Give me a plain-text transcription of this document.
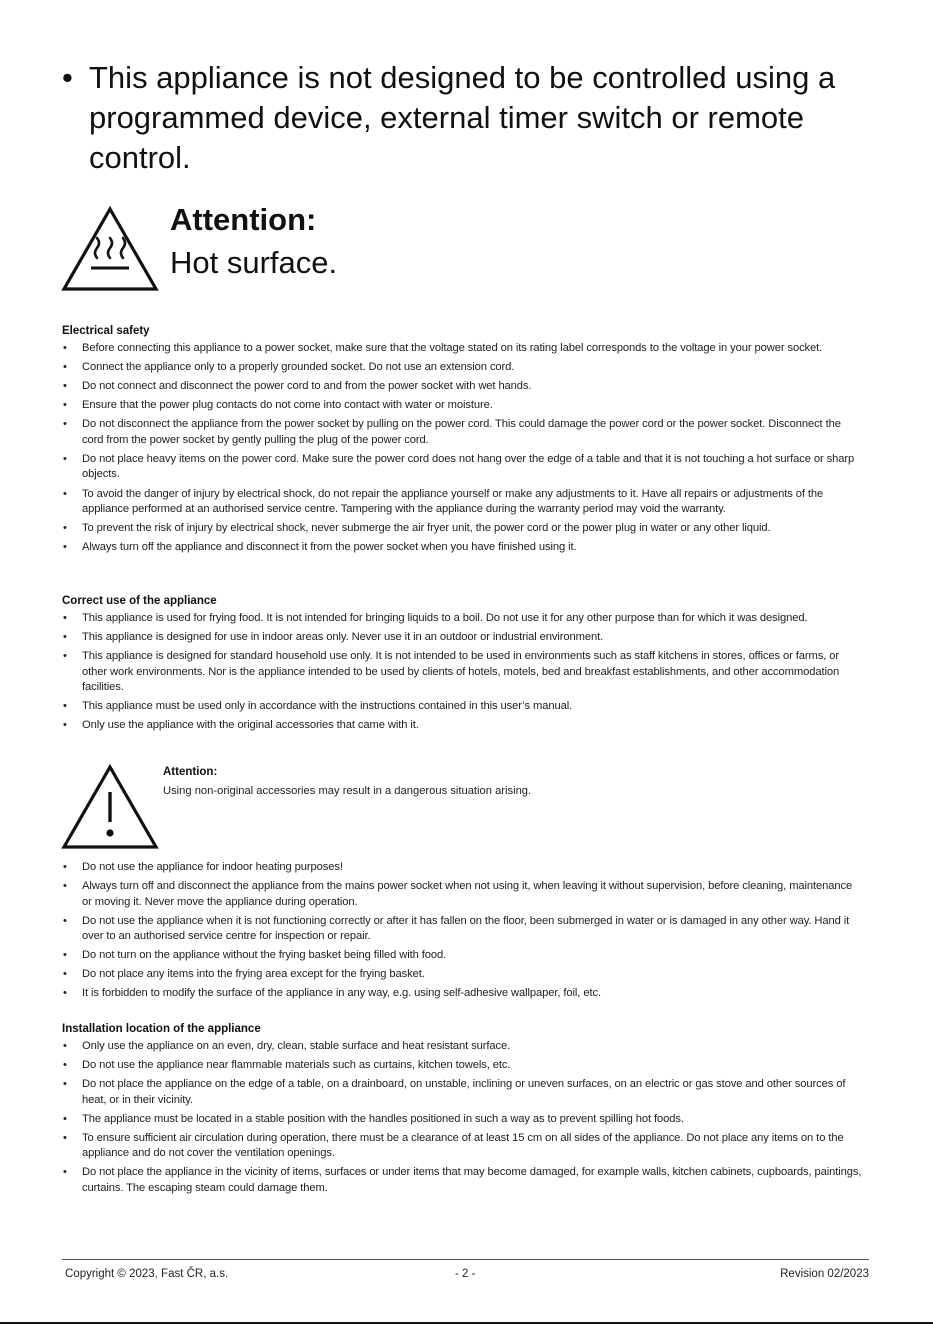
• This appliance is not designed to be controlled using a programmed device, external timer switch or remote control.
Attention:
Hot surface.
Electrical safety
• Before connecting this appliance to a power socket, make sure that the voltage stated on its rating label corresponds to the voltage in your power socket.
• Connect the appliance only to a properly grounded socket. Do not use an extension cord.
• Do not connect and disconnect the power cord to and from the power socket with wet hands.
• Ensure that the power plug contacts do not come into contact with water or moisture.
• Do not disconnect the appliance from the power socket by pulling on the power cord. This could damage the power cord or the power socket. Disconnect the cord from the power socket by gently pulling the plug of the power cord.
• Do not place heavy items on the power cord. Make sure the power cord does not hang over the edge of a table and that it is not touching a hot surface or sharp objects.
• To avoid the danger of injury by electrical shock, do not repair the appliance yourself or make any adjustments to it. Have all repairs or adjustments of the appliance performed at an authorised service centre. Tampering with the appliance during the warranty period may void the warranty.
• To prevent the risk of injury by electrical shock, never submerge the air fryer unit, the power cord or the power plug in water or any other liquid.
• Always turn off the appliance and disconnect it from the power socket when you have finished using it.
Correct use of the appliance
• This appliance is used for frying food. It is not intended for bringing liquids to a boil. Do not use it for any other purpose than for which it was designed.
• This appliance is designed for use in indoor areas only. Never use it in an outdoor or industrial environment.
• This appliance is designed for standard household use only. It is not intended to be used in environments such as staff kitchens in stores, offices or farms, or other work environments. Nor is the appliance intended to be used by clients of hotels, motels, bed and breakfast establishments, and other accommodation facilities.
• This appliance must be used only in accordance with the instructions contained in this user’s manual.
• Only use the appliance with the original accessories that came with it.
Attention:
Using non-original accessories may result in a dangerous situation arising.
• Do not use the appliance for indoor heating purposes!
• Always turn off and disconnect the appliance from the mains power socket when not using it, when leaving it without supervision, before cleaning, maintenance or moving it. Never move the appliance during operation.
• Do not use the appliance when it is not functioning correctly or after it has fallen on the floor, been submerged in water or is damaged in any other way. Hand it over to an authorised service centre for inspection or repair.
• Do not turn on the appliance without the frying basket being filled with food.
• Do not place any items into the frying area except for the frying basket.
• It is forbidden to modify the surface of the appliance in any way, e.g. using self-adhesive wallpaper, foil, etc.
Installation location of the appliance
• Only use the appliance on an even, dry, clean, stable surface and heat resistant surface.
• Do not use the appliance near flammable materials such as curtains, kitchen towels, etc.
• Do not place the appliance on the edge of a table, on a drainboard, on unstable, inclining or uneven surfaces, on an electric or gas stove and other sources of heat, or in their vicinity.
• The appliance must be located in a stable position with the handles positioned in such a way as to prevent spilling hot foods.
• To ensure sufficient air circulation during operation, there must be a clearance of at least 15 cm on all sides of the appliance. Do not place any items on to the appliance and do not cover the ventilation openings.
• Do not place the appliance in the vicinity of items, surfaces or under items that may become damaged, for example walls, kitchen cabinets, cupboards, paintings, curtains. The escaping steam could damage them.
Copyright © 2023, Fast ČR, a.s.	- 2 -	Revision 02/2023
